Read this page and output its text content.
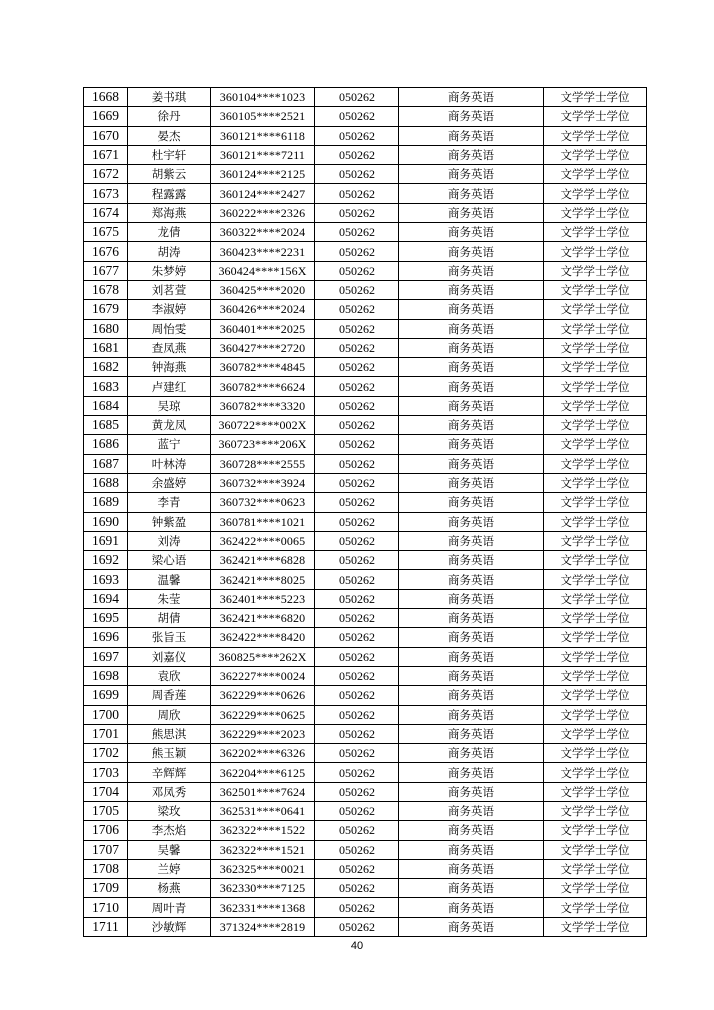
1668	姜书琪	360104****1023	050262	商务英语	文学学士学位
1669	徐丹	360105****2521	050262	商务英语	文学学士学位
1670	晏杰	360121****6118	050262	商务英语	文学学士学位
1671	杜宇轩	360121****7211	050262	商务英语	文学学士学位
1672	胡紫云	360124****2125	050262	商务英语	文学学士学位
1673	程露露	360124****2427	050262	商务英语	文学学士学位
1674	郑海燕	360222****2326	050262	商务英语	文学学士学位
1675	龙倩	360322****2024	050262	商务英语	文学学士学位
1676	胡涛	360423****2231	050262	商务英语	文学学士学位
1677	朱梦婷	360424****156X	050262	商务英语	文学学士学位
1678	刘茗萱	360425****2020	050262	商务英语	文学学士学位
1679	李淑婷	360426****2024	050262	商务英语	文学学士学位
1680	周怡雯	360401****2025	050262	商务英语	文学学士学位
1681	查凤燕	360427****2720	050262	商务英语	文学学士学位
1682	钟海燕	360782****4845	050262	商务英语	文学学士学位
1683	卢建红	360782****6624	050262	商务英语	文学学士学位
1684	吴琼	360782****3320	050262	商务英语	文学学士学位
1685	黄龙凤	360722****002X	050262	商务英语	文学学士学位
1686	蓝宁	360723****206X	050262	商务英语	文学学士学位
1687	叶林涛	360728****2555	050262	商务英语	文学学士学位
1688	余盛婷	360732****3924	050262	商务英语	文学学士学位
1689	李青	360732****0623	050262	商务英语	文学学士学位
1690	钟紫盈	360781****1021	050262	商务英语	文学学士学位
1691	刘涛	362422****0065	050262	商务英语	文学学士学位
1692	梁心语	362421****6828	050262	商务英语	文学学士学位
1693	温馨	362421****8025	050262	商务英语	文学学士学位
1694	朱莹	362401****5223	050262	商务英语	文学学士学位
1695	胡倩	362421****6820	050262	商务英语	文学学士学位
1696	张旨玉	362422****8420	050262	商务英语	文学学士学位
1697	刘嘉仪	360825****262X	050262	商务英语	文学学士学位
1698	袁欣	362227****0024	050262	商务英语	文学学士学位
1699	周香莲	362229****0626	050262	商务英语	文学学士学位
1700	周欣	362229****0625	050262	商务英语	文学学士学位
1701	熊思淇	362229****2023	050262	商务英语	文学学士学位
1702	熊玉颖	362202****6326	050262	商务英语	文学学士学位
1703	辛辉辉	362204****6125	050262	商务英语	文学学士学位
1704	邓凤秀	362501****7624	050262	商务英语	文学学士学位
1705	梁玫	362531****0641	050262	商务英语	文学学士学位
1706	李杰焰	362322****1522	050262	商务英语	文学学士学位
1707	吴馨	362322****1521	050262	商务英语	文学学士学位
1708	兰婷	362325****0021	050262	商务英语	文学学士学位
1709	杨燕	362330****7125	050262	商务英语	文学学士学位
1710	周叶青	362331****1368	050262	商务英语	文学学士学位
1711	沙敏辉	371324****2819	050262	商务英语	文学学士学位
40
